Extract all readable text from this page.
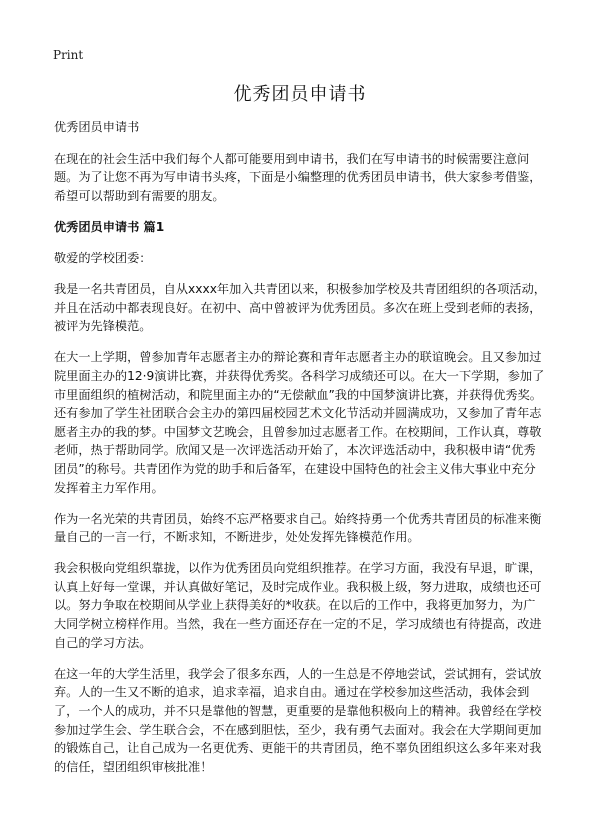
Print
优秀团员申请书

优秀团员申请书

在现在的社会生活中我们每个人都可能要用到申请书，我们在写申请书的时候需要注意问题。为了让您不再为写申请书头疼，下面是小编整理的优秀团员申请书，供大家参考借鉴，希望可以帮助到有需要的朋友。

优秀团员申请书 篇1

敬爱的学校团委：

我是一名共青团员，自从xxxx年加入共青团以来，积极参加学校及共青团组织的各项活动，并且在活动中都表现良好。在初中、高中曾被评为优秀团员。多次在班上受到老师的表扬，被评为先锋模范。

在大一上学期，曾参加青年志愿者主办的辩论赛和青年志愿者主办的联谊晚会。且又参加过院里面主办的12·9演讲比赛，并获得优秀奖。各科学习成绩还可以。在大一下学期，参加了市里面组织的植树活动，和院里面主办的“无偿献血”我的中国梦演讲比赛，并获得优秀奖。还有参加了学生社团联合会主办的第四届校园艺术文化节活动并圆满成功，又参加了青年志愿者主办的我的梦。中国梦文艺晚会，且曾参加过志愿者工作。在校期间，工作认真，尊敬老师，热于帮助同学。欣闻又是一次评选活动开始了，本次评选活动中，我积极申请“优秀团员”的称号。共青团作为党的助手和后备军，在建设中国特色的社会主义伟大事业中充分发挥着主力军作用。

作为一名光荣的共青团员，始终不忘严格要求自己。始终持勇一个优秀共青团员的标准来衡量自己的一言一行，不断求知，不断进步，处处发挥先锋模范作用。

我会积极向党组织靠拢，以作为优秀团员向党组织推荐。在学习方面，我没有早退，旷课，认真上好每一堂课，并认真做好笔记，及时完成作业。我积极上级，努力进取，成绩也还可以。努力争取在校期间从学业上获得美好的*收获。在以后的工作中，我将更加努力，为广大同学树立榜样作用。当然，我在一些方面还存在一定的不足，学习成绩也有待提高，改进自己的学习方法。

在这一年的大学生活里，我学会了很多东西，人的一生总是不停地尝试，尝试拥有，尝试放弃。人的一生又不断的追求，追求幸福，追求自由。通过在学校参加这些活动，我体会到了，一个人的成功，并不只是靠他的智慧，更重要的是靠他积极向上的精神。我曾经在学校参加过学生会、学生联合会，不在感到胆怯，至少，我有勇气去面对。我会在大学期间更加的锻炼自己，让自己成为一名更优秀、更能干的共青团员，绝不辜负团组织这么多年来对我的信任，望团组织审核批准！
